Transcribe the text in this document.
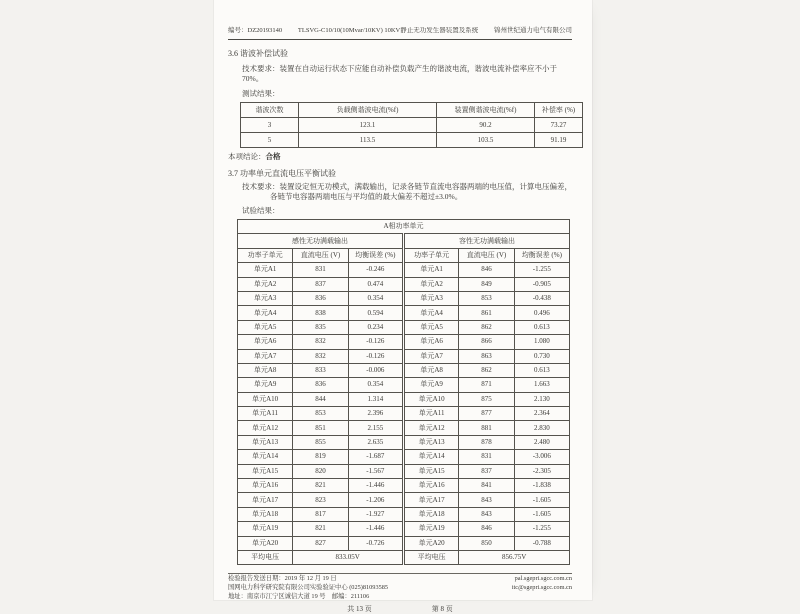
编号：DZ20193140 TLSVG-C10/10(10Mvar/10KV) 10KV静止无功发生器装置及系统 锦州世纪通力电气有限公司
3.6 谐波补偿试验
技术要求：装置在自动运行状态下应能自动补偿负载产生的谐波电流，谐波电流补偿率应不小于 70%。
测试结果：
谐波次数	负载侧谐波电流(%f)	装置侧谐波电流(%f)	补偿率 (%)
3	123.1	90.2	73.27
5	113.5	103.5	91.19
本项结论：合格
3.7 功率单元直流电压平衡试验
技术要求：装置设定恒无功模式，满载输出，记录各链节直流电容器两端的电压值，计算电压偏差，
各链节电容器两端电压与平均值的最大偏差不超过±3.0%。
试验结果：
A相功率单元					
感性无功满载输出			容性无功满载输出		
功率子单元	直流电压 (V)	均衡误差 (%)	功率子单元	直流电压 (V)	均衡误差 (%)
单元A1	831	-0.246	单元A1	846	-1.255
单元A2	837	0.474	单元A2	849	-0.905
单元A3	836	0.354	单元A3	853	-0.438
单元A4	838	0.594	单元A4	861	0.496
单元A5	835	0.234	单元A5	862	0.613
单元A6	832	-0.126	单元A6	866	1.080
单元A7	832	-0.126	单元A7	863	0.730
单元A8	833	-0.006	单元A8	862	0.613
单元A9	836	0.354	单元A9	871	1.663
单元A10	844	1.314	单元A10	875	2.130
单元A11	853	2.396	单元A11	877	2.364
单元A12	851	2.155	单元A12	881	2.830
单元A13	855	2.635	单元A13	878	2.480
单元A14	819	-1.687	单元A14	831	-3.006
单元A15	820	-1.567	单元A15	837	-2.305
单元A16	821	-1.446	单元A16	841	-1.838
单元A17	823	-1.206	单元A17	843	-1.605
单元A18	817	-1.927	单元A18	843	-1.605
单元A19	821	-1.446	单元A19	846	-1.255
单元A20	827	-0.726	单元A20	850	-0.788
平均电压	833.05V		平均电压	856.75V	
检验报告发送日期：2019 年 12 月 19 日	pal.sgepri.sgcc.com.cn
国网电力科学研究院有限公司实验验证中心 (025)81093585	itc@sgepri.sgcc.com.cn
地址：南京市江宁区诚信大道 19 号　邮编：211106
共 13 页	第 8 页
